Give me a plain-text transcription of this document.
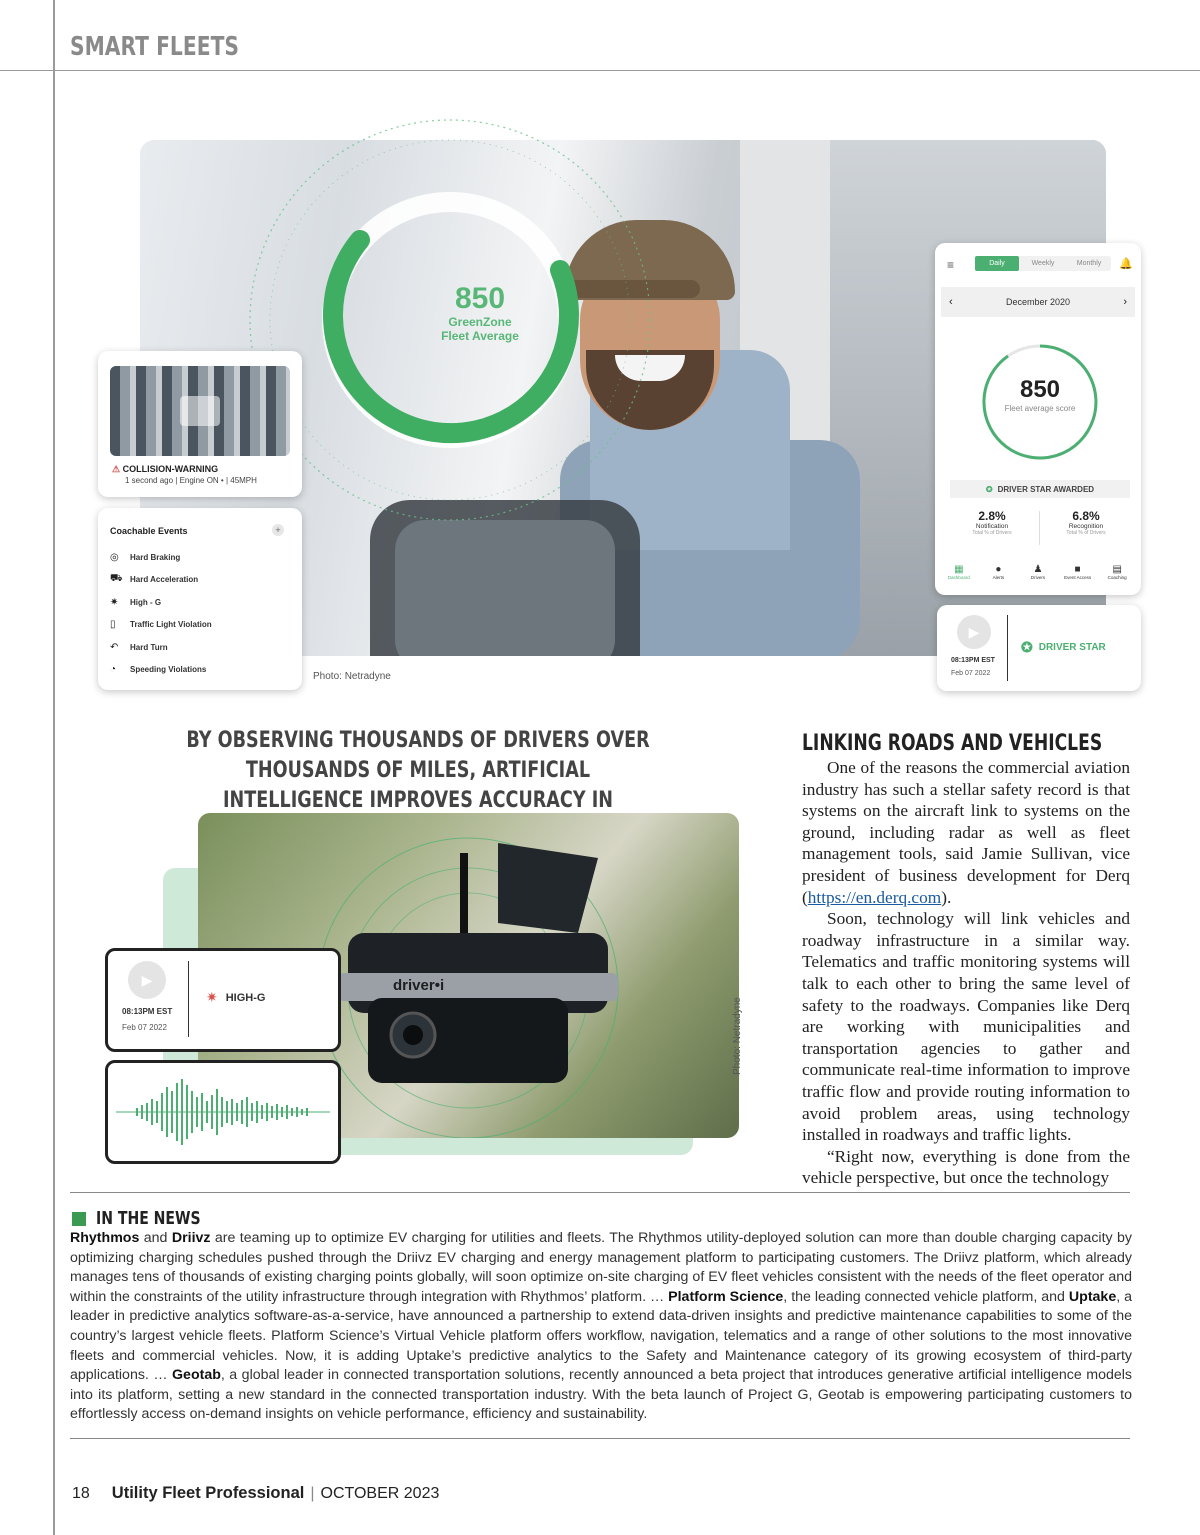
SMART FLEETS
850
GreenZone
Fleet Average
Photo: Netradyne
⚠ COLLISION-WARNING
1 second ago | Engine ON • | 45MPH
Coachable Events	+
◎	Hard Braking
⛟ Hard Acceleration
✷	High - G
▯	Traffic Light Violation
↶	Hard Turn
◔	Speeding Violations
≡	Daily	Weekly	Monthly	🔔
‹	December 2020	›
850
Fleet average score
✪ DRIVER STAR AWARDED
2.8%
Notification
Total % of Drivers
6.8%
Recognition
Total % of Drivers
▦
Dashboard
●
Alerts
♟
Drivers
■
Event Access
▤
Coaching
▶
08:13PM EST
Feb 07 2022
✪ DRIVER STAR
BY OBSERVING THOUSANDS OF DRIVERS OVER THOUSANDS OF MILES, ARTIFICIAL INTELLIGENCE IMPROVES ACCURACY IN
driver•i
Photo: Netradyne
▶
08:13PM EST
Feb 07 2022
✷ HIGH-G
LINKING ROADS AND VEHICLES

One of the reasons the commercial aviation industry has such a stellar safety record is that systems on the aircraft link to systems on the ground, including radar as well as fleet management tools, said Jamie Sullivan, vice president of business development for Derq (https://en.derq.com).

Soon, technology will link vehicles and roadway infrastructure in a similar way. Telematics and traffic monitoring systems will talk to each other to bring the same level of safety to the roadways. Companies like Derq are working with municipalities and transportation agencies to gather and communicate real-time information to improve traffic flow and provide routing information to avoid problem areas, using technology installed in roadways and traffic lights.

“Right now, everything is done from the vehicle perspective, but once the technology

IN THE NEWS
Rhythmos and Driivz are teaming up to optimize EV charging for utilities and fleets. The Rhythmos utility-deployed solution can more than double charging capacity by optimizing charging schedules pushed through the Driivz EV charging and energy management platform to participating customers. The Driivz platform, which already manages tens of thousands of existing charging points globally, will soon optimize on-site charging of EV fleet vehicles consistent with the needs of the fleet operator and within the constraints of the utility infrastructure through integration with Rhythmos’ platform. … Platform Science, the leading connected vehicle platform, and Uptake, a leader in predictive analytics software-as-a-service, have announced a partnership to extend data-driven insights and predictive maintenance capabilities to some of the country’s largest vehicle fleets. Platform Science’s Virtual Vehicle platform offers workflow, navigation, telematics and a range of other solutions to the most innovative fleets and commercial vehicles. Now, it is adding Uptake’s predictive analytics to the Safety and Maintenance category of its growing ecosystem of third-party applications. … Geotab, a global leader in connected transportation solutions, recently announced a beta project that introduces generative artificial intelligence models into its platform, setting a new standard in the connected transportation industry. With the beta launch of Project G, Geotab is empowering participating customers to effortlessly access on-demand insights on vehicle performance, efficiency and sustainability.
18 Utility Fleet Professional | OCTOBER 2023
